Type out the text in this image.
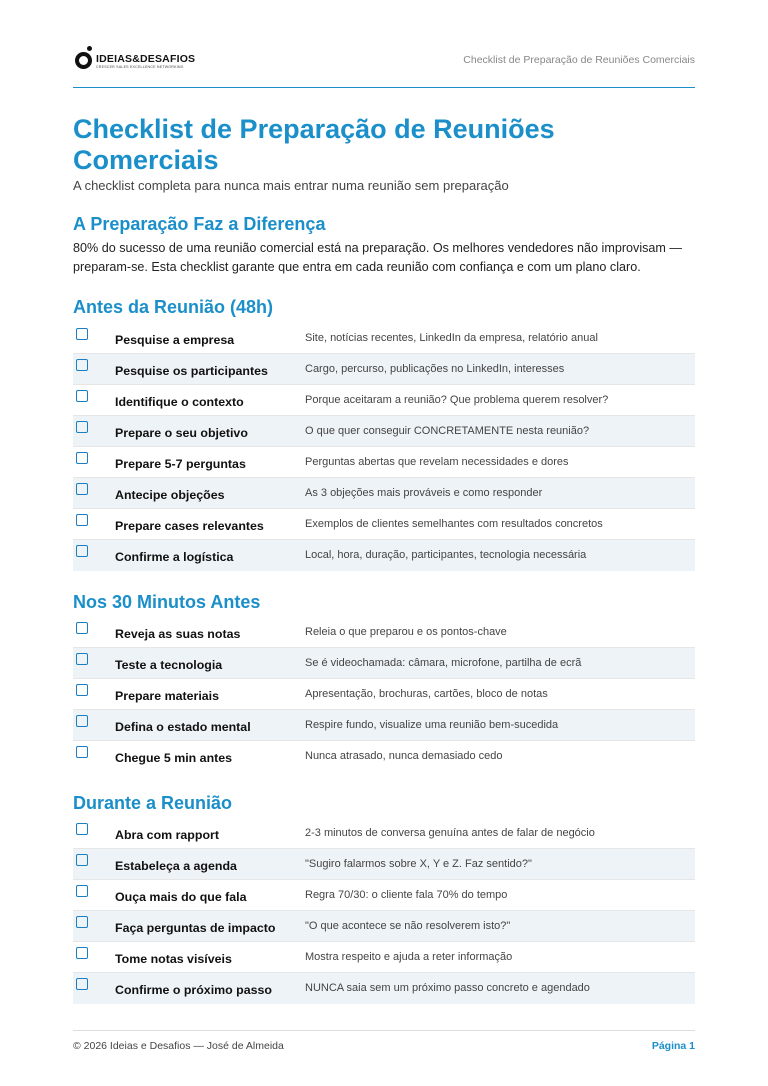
IDEIAS&DESAFIOS
CRESCER SALES EXCELLENCE NETWORKING
Checklist de Preparação de Reuniões Comerciais
Checklist de Preparação de Reuniões Comerciais

A checklist completa para nunca mais entrar numa reunião sem preparação

A Preparação Faz a Diferença

80% do sucesso de uma reunião comercial está na preparação. Os melhores vendedores não improvisam — preparam-se. Esta checklist garante que entra em cada reunião com confiança e com um plano claro.

Antes da Reunião (48h)
Pesquise a empresa	Site, notícias recentes, LinkedIn da empresa, relatório anual
Pesquise os participantes	Cargo, percurso, publicações no LinkedIn, interesses
Identifique o contexto	Porque aceitaram a reunião? Que problema querem resolver?
Prepare o seu objetivo	O que quer conseguir CONCRETAMENTE nesta reunião?
Prepare 5-7 perguntas	Perguntas abertas que revelam necessidades e dores
Antecipe objeções	As 3 objeções mais prováveis e como responder
Prepare cases relevantes	Exemplos de clientes semelhantes com resultados concretos
Confirme a logística	Local, hora, duração, participantes, tecnologia necessária
Nos 30 Minutos Antes
Reveja as suas notas	Releia o que preparou e os pontos-chave
Teste a tecnologia	Se é videochamada: câmara, microfone, partilha de ecrã
Prepare materiais	Apresentação, brochuras, cartões, bloco de notas
Defina o estado mental	Respire fundo, visualize uma reunião bem-sucedida
Chegue 5 min antes	Nunca atrasado, nunca demasiado cedo
Durante a Reunião
Abra com rapport	2-3 minutos de conversa genuína antes de falar de negócio
Estabeleça a agenda	"Sugiro falarmos sobre X, Y e Z. Faz sentido?"
Ouça mais do que fala	Regra 70/30: o cliente fala 70% do tempo
Faça perguntas de impacto	"O que acontece se não resolverem isto?"
Tome notas visíveis	Mostra respeito e ajuda a reter informação
Confirme o próximo passo	NUNCA saia sem um próximo passo concreto e agendado
© 2026 Ideias e Desafios — José de Almeida	Página 1
